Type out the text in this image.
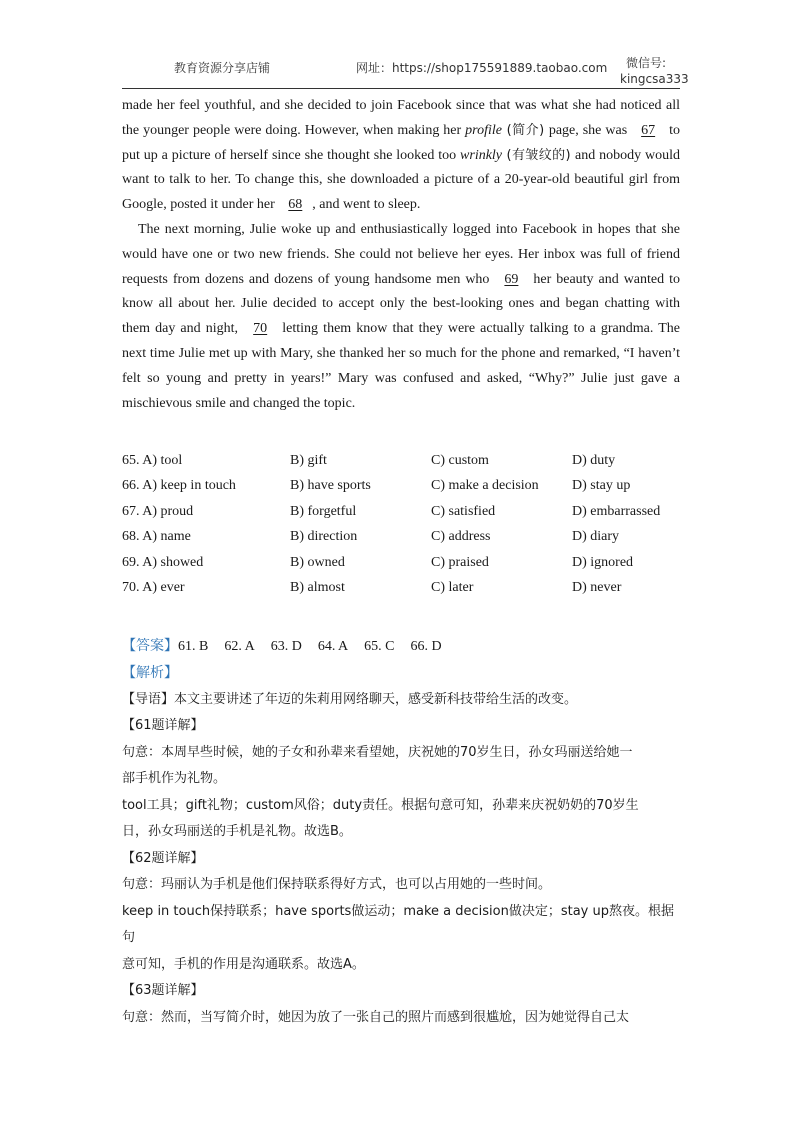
教育资源分享店铺	网址：https://shop175591889.taobao.com	微信号:
kingcsa333

made her feel youthful, and she decided to join Facebook since that was what she had noticed all the younger people were doing. However, when making her profile (简介) page, she was 67 to put up a picture of herself since she thought she looked too wrinkly (有皱纹的) and nobody would want to talk to her. To change this, she downloaded a picture of a 20-year-old beautiful girl from Google, posted it under her 68 , and went to sleep.

The next morning, Julie woke up and enthusiastically logged into Facebook in hopes that she would have one or two new friends. She could not believe her eyes. Her inbox was full of friend requests from dozens and dozens of young handsome men who 69 her beauty and wanted to know all about her. Julie decided to accept only the best-looking ones and began chatting with them day and night, 70 letting them know that they were actually talking to a grandma. The next time Julie met up with Mary, she thanked her so much for the phone and remarked, “I haven’t felt so young and pretty in years!” Mary was confused and asked, “Why?” Julie just gave a mischievous smile and changed the topic.

65. A) tool	B) gift	C) custom	D) duty
66. A) keep in touch	B) have sports	C) make a decision	D) stay up
67. A) proud	B) forgetful	C) satisfied	D) embarrassed
68. A) name	B) direction	C) address	D) diary
69. A) showed	B) owned	C) praised	D) ignored
70. A) ever	B) almost	C) later	D) never
【答案】61. B 62. A 63. D 64. A 65. C 66. D
【解析】
【导语】本文主要讲述了年迈的朱莉用网络聊天，感受新科技带给生活的改变。
【61题详解】
句意：本周早些时候，她的子女和孙辈来看望她，庆祝她的70岁生日，孙女玛丽送给她一
部手机作为礼物。
tool工具；gift礼物；custom风俗；duty责任。根据句意可知，孙辈来庆祝奶奶的70岁生
日，孙女玛丽送的手机是礼物。故选B。
【62题详解】
句意：玛丽认为手机是他们保持联系得好方式，也可以占用她的一些时间。
keep in touch保持联系；have sports做运动；make a decision做决定；stay up熬夜。根据句
意可知，手机的作用是沟通联系。故选A。
【63题详解】
句意：然而，当写简介时，她因为放了一张自己的照片而感到很尴尬，因为她觉得自己太
